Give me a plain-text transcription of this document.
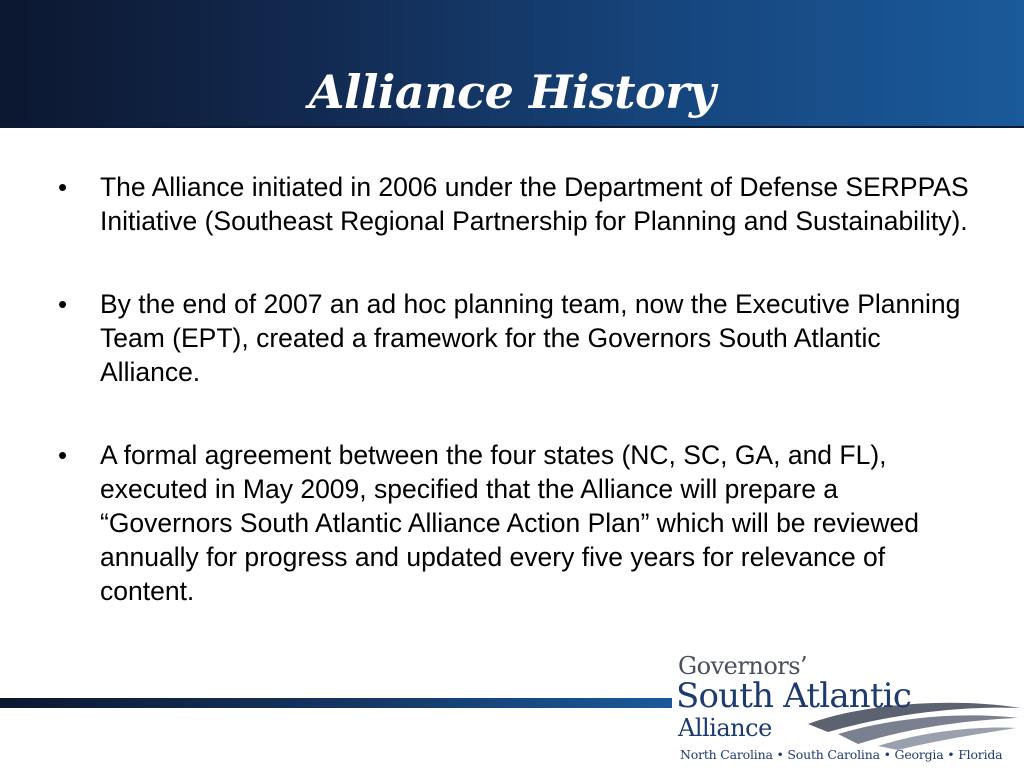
Alliance History
• The Alliance initiated in 2006 under the Department of Defense SERPPAS Initiative (Southeast Regional Partnership for Planning and Sustainability).
• By the end of 2007 an ad hoc planning team, now the Executive Planning Team (EPT), created a framework for the Governors South Atlantic Alliance.
• A formal agreement between the four states (NC, SC, GA, and FL), executed in May 2009, specified that the Alliance will prepare a “Governors South Atlantic Alliance Action Plan” which will be reviewed annually for progress and updated every five years for relevance of content.
Governors’
South Atlantic
Alliance
North Carolina • South Carolina • Georgia • Florida
